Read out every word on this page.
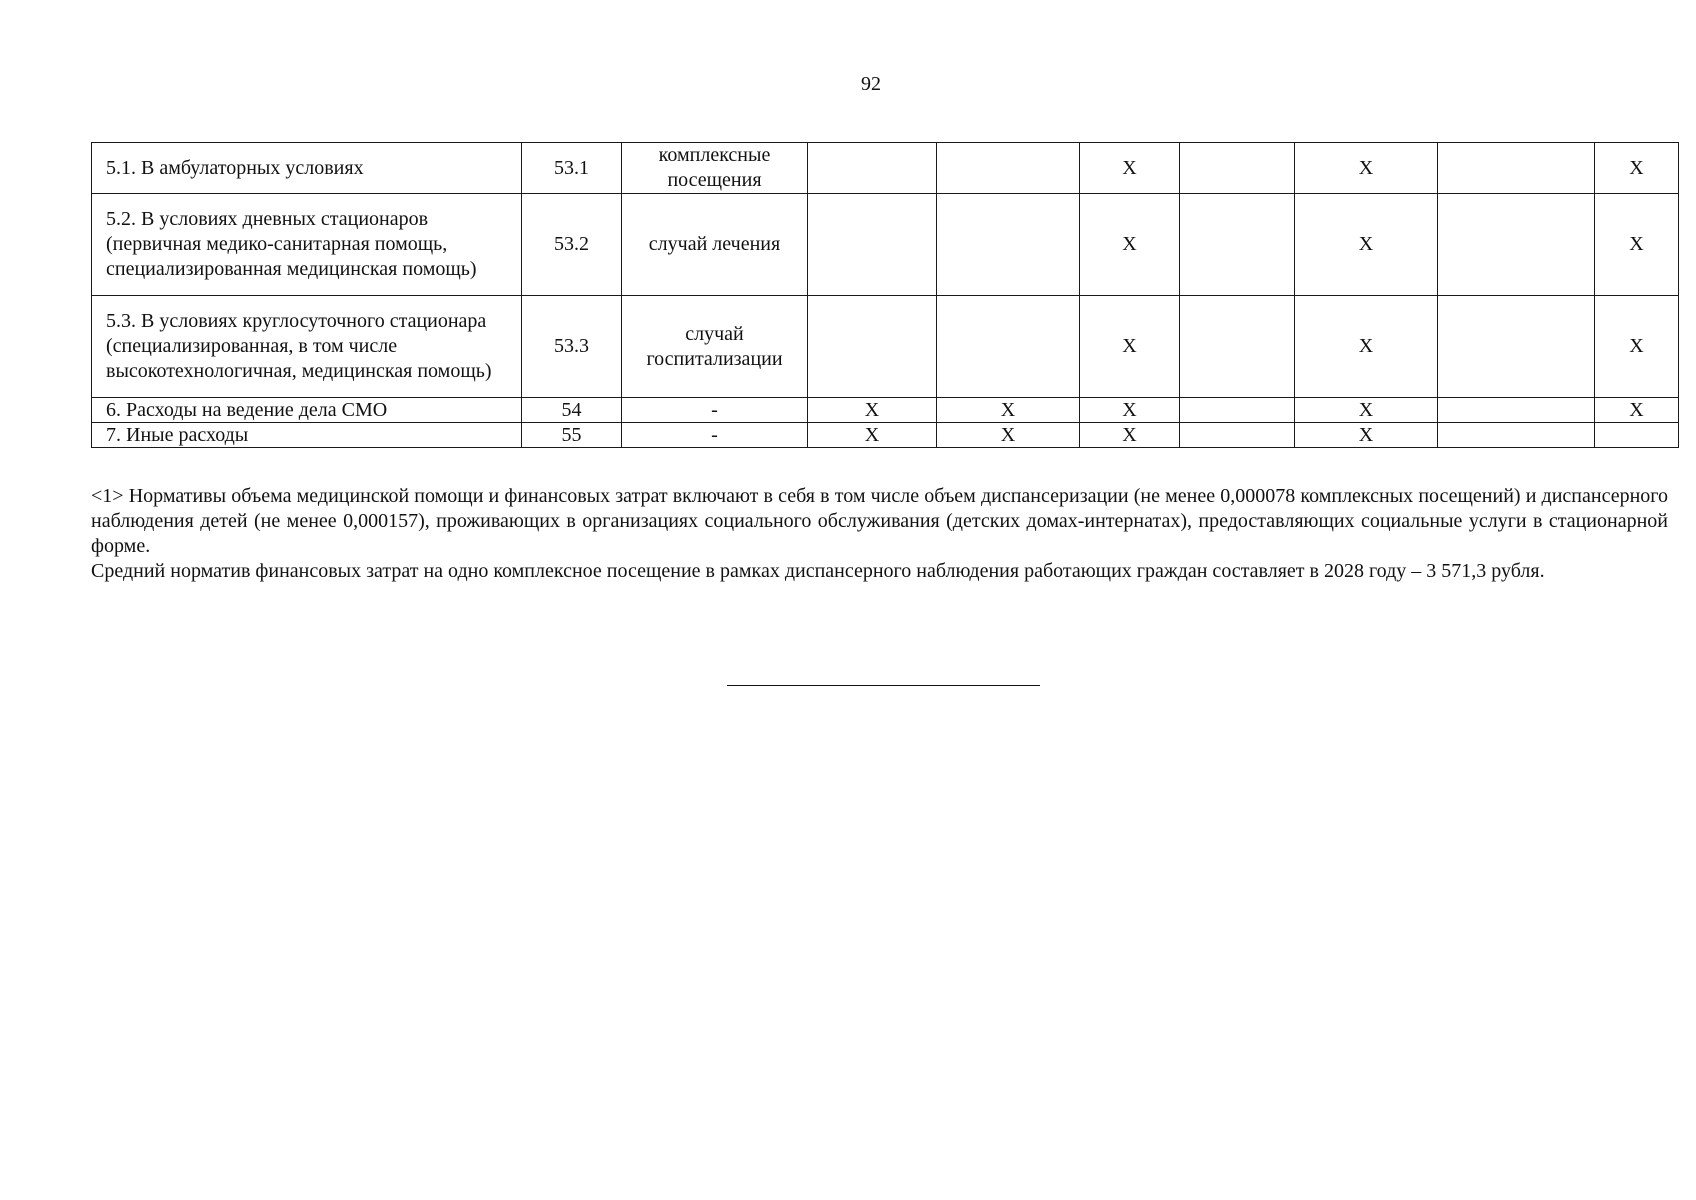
92
5.1. В амбулаторных условиях	53.1	комплексные посещения			X		X		X
5.2. В условиях дневных стационаров (первичная медико-санитарная помощь, специализированная медицинская помощь)	53.2	случай лечения			X		X		X
5.3. В условиях круглосуточного стационара (специализированная, в том числе высокотехнологичная, медицинская помощь)	53.3	случай госпитализации			X		X		X
6. Расходы на ведение дела СМО	54	-	X	X	X		X		X
7. Иные расходы	55	-	X	X	X		X		

<1> Нормативы объема медицинской помощи и финансовых затрат включают в себя в том числе объем диспансеризации (не менее 0,000078 комплексных посещений) и диспансерного наблюдения детей (не менее 0,000157), проживающих в организациях социального обслуживания (детских домах-интернатах), предоставляющих социальные услуги в стационарной форме.

Средний норматив финансовых затрат на одно комплексное посещение в рамках диспансерного наблюдения работающих граждан составляет в 2028 году – 3 571,3 рубля.
